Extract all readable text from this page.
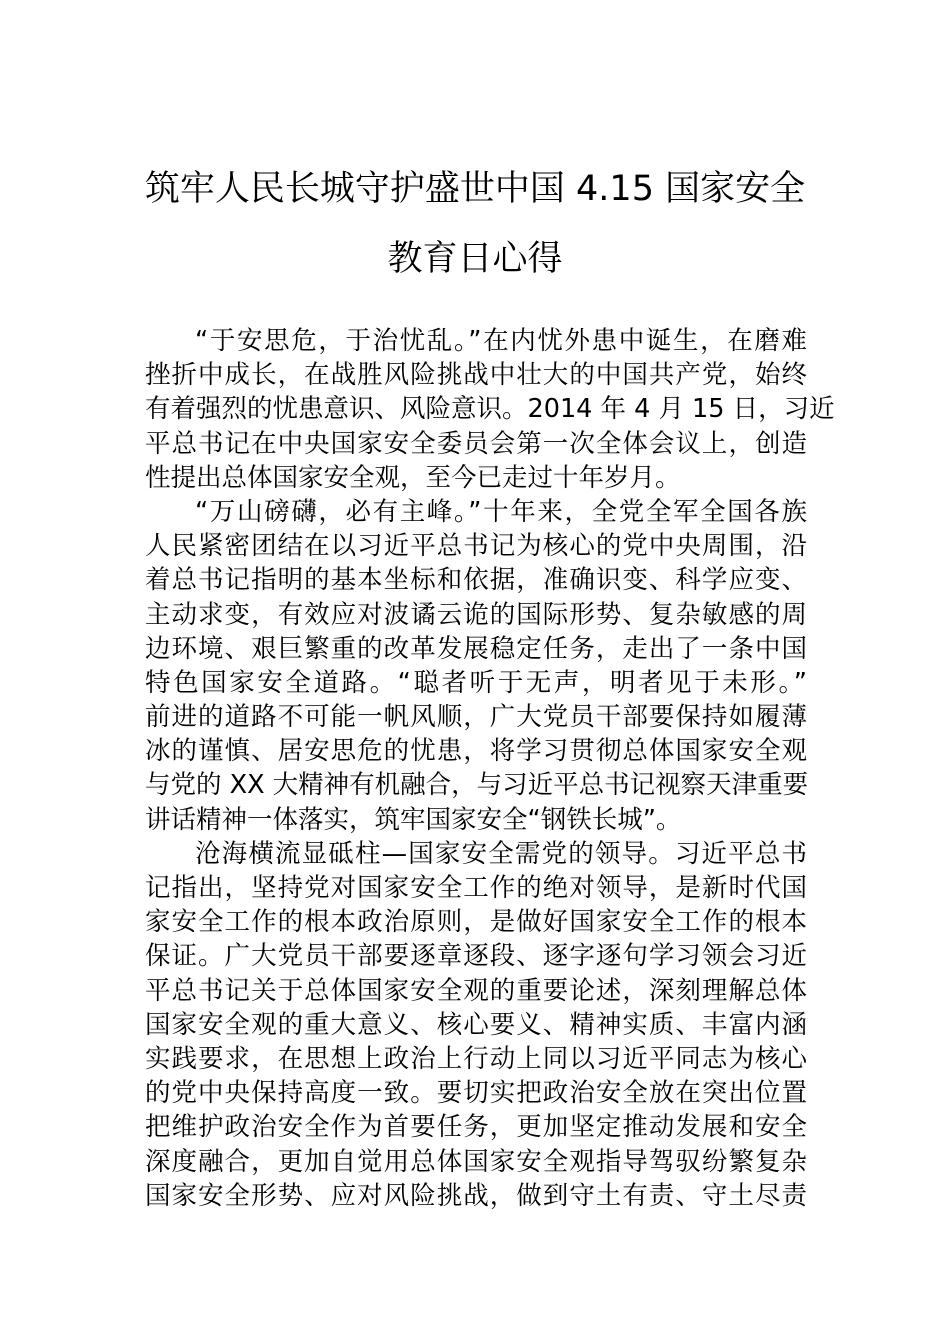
筑牢人民长城守护盛世中国 4.15 国家安全
教育日心得
“于安思危，于治忧乱。”在内忧外患中诞生，在磨难
挫折中成长，在战胜风险挑战中壮大的中国共产党，始终
有着强烈的忧患意识、风险意识。2014 年 4 月 15 日，习近
平总书记在中央国家安全委员会第一次全体会议上，创造
性提出总体国家安全观，至今已走过十年岁月。
“万山磅礴，必有主峰。”十年来，全党全军全国各族
人民紧密团结在以习近平总书记为核心的党中央周围，沿
着总书记指明的基本坐标和依据，准确识变、科学应变、
主动求变，有效应对波谲云诡的国际形势、复杂敏感的周
边环境、艰巨繁重的改革发展稳定任务，走出了一条中国
特色国家安全道路。“聪者听于无声，明者见于未形。”
前进的道路不可能一帆风顺，广大党员干部要保持如履薄
冰的谨慎、居安思危的忧患，将学习贯彻总体国家安全观
与党的 XX 大精神有机融合，与习近平总书记视察天津重要
讲话精神一体落实，筑牢国家安全“钢铁长城”。
沧海横流显砥柱—国家安全需党的领导。习近平总书
记指出，坚持党对国家安全工作的绝对领导，是新时代国
家安全工作的根本政治原则，是做好国家安全工作的根本
保证。广大党员干部要逐章逐段、逐字逐句学习领会习近
平总书记关于总体国家安全观的重要论述，深刻理解总体
国家安全观的重大意义、核心要义、精神实质、丰富内涵
实践要求，在思想上政治上行动上同以习近平同志为核心
的党中央保持高度一致。要切实把政治安全放在突出位置
把维护政治安全作为首要任务，更加坚定推动发展和安全
深度融合，更加自觉用总体国家安全观指导驾驭纷繁复杂
国家安全形势、应对风险挑战，做到守土有责、守土尽责
